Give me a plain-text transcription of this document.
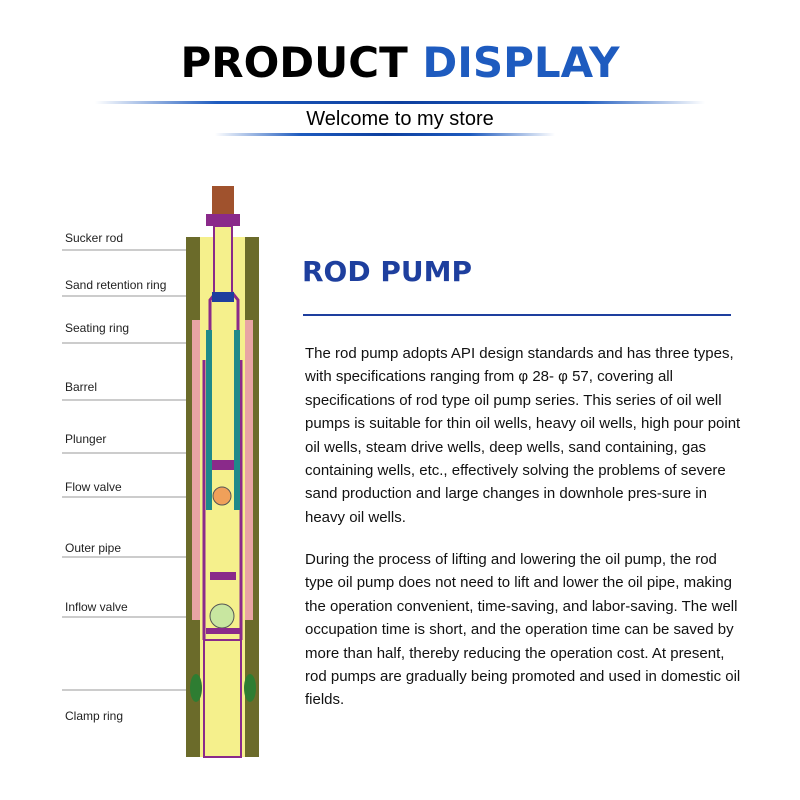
PRODUCT DISPLAY
Welcome to my store
Sucker rod
Sand retention ring
Seating ring
Barrel
Plunger
Flow valve
Outer pipe
Inflow valve
Clamp ring
ROD PUMP

The rod pump adopts API design standards and has three types, with specifications ranging from φ 28- φ 57, covering all specifications of rod type oil pump series. This series of oil well pumps is suitable for thin oil wells, heavy oil wells, high pour point oil wells, steam drive wells, deep wells, sand containing, gas containing wells, etc., effectively solving the problems of severe sand production and large changes in downhole pres-sure in heavy oil wells.

During the process of lifting and lowering the oil pump, the rod type oil pump does not need to lift and lower the oil pipe, making the operation convenient, time-saving, and labor-saving. The well occupation time is short, and the operation time can be saved by more than half, thereby reducing the operation cost. At present, rod pumps are gradually being promoted and used in domestic oil fields.
